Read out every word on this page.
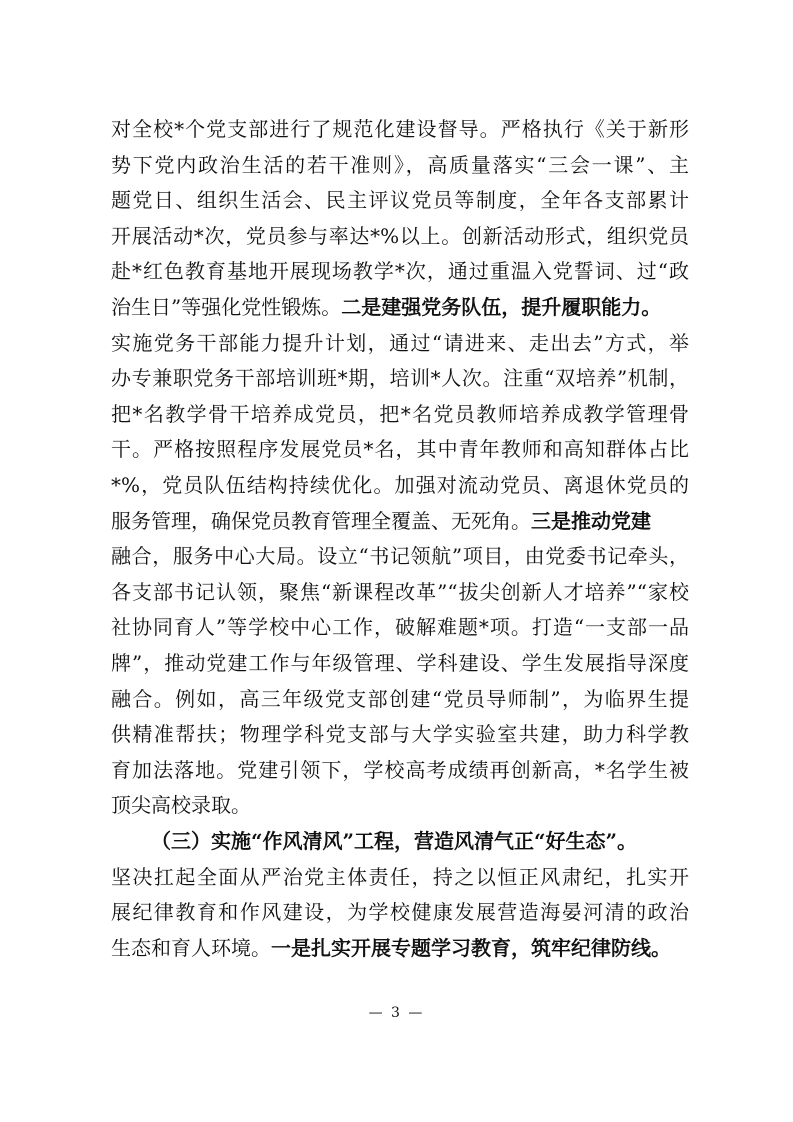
对全校*个党支部进行了规范化建设督导。严格执行《关于新形
势下党内政治生活的若干准则》，高质量落实“三会一课”、主
题党日、组织生活会、民主评议党员等制度，全年各支部累计
开展活动*次，党员参与率达*%以上。创新活动形式，组织党员
赴*红色教育基地开展现场教学*次，通过重温入党誓词、过“政
治生日”等强化党性锻炼。二是建强党务队伍，提升履职能力。
实施党务干部能力提升计划，通过“请进来、走出去”方式，举
办专兼职党务干部培训班*期，培训*人次。注重“双培养”机制，
把*名教学骨干培养成党员，把*名党员教师培养成教学管理骨
干。严格按照程序发展党员*名，其中青年教师和高知群体占比
*%，党员队伍结构持续优化。加强对流动党员、离退休党员的
服务管理，确保党员教育管理全覆盖、无死角。三是推动党建
融合，服务中心大局。设立“书记领航”项目，由党委书记牵头，
各支部书记认领，聚焦“新课程改革”“拔尖创新人才培养”“家校
社协同育人”等学校中心工作，破解难题*项。打造“一支部一品
牌”，推动党建工作与年级管理、学科建设、学生发展指导深度
融合。例如，高三年级党支部创建“党员导师制”，为临界生提
供精准帮扶；物理学科党支部与大学实验室共建，助力科学教
育加法落地。党建引领下，学校高考成绩再创新高，*名学生被
顶尖高校录取。
（三）实施“作风清风”工程，营造风清气正“好生态”。
坚决扛起全面从严治党主体责任，持之以恒正风肃纪，扎实开
展纪律教育和作风建设，为学校健康发展营造海晏河清的政治
生态和育人环境。一是扎实开展专题学习教育，筑牢纪律防线。
— 3 —
